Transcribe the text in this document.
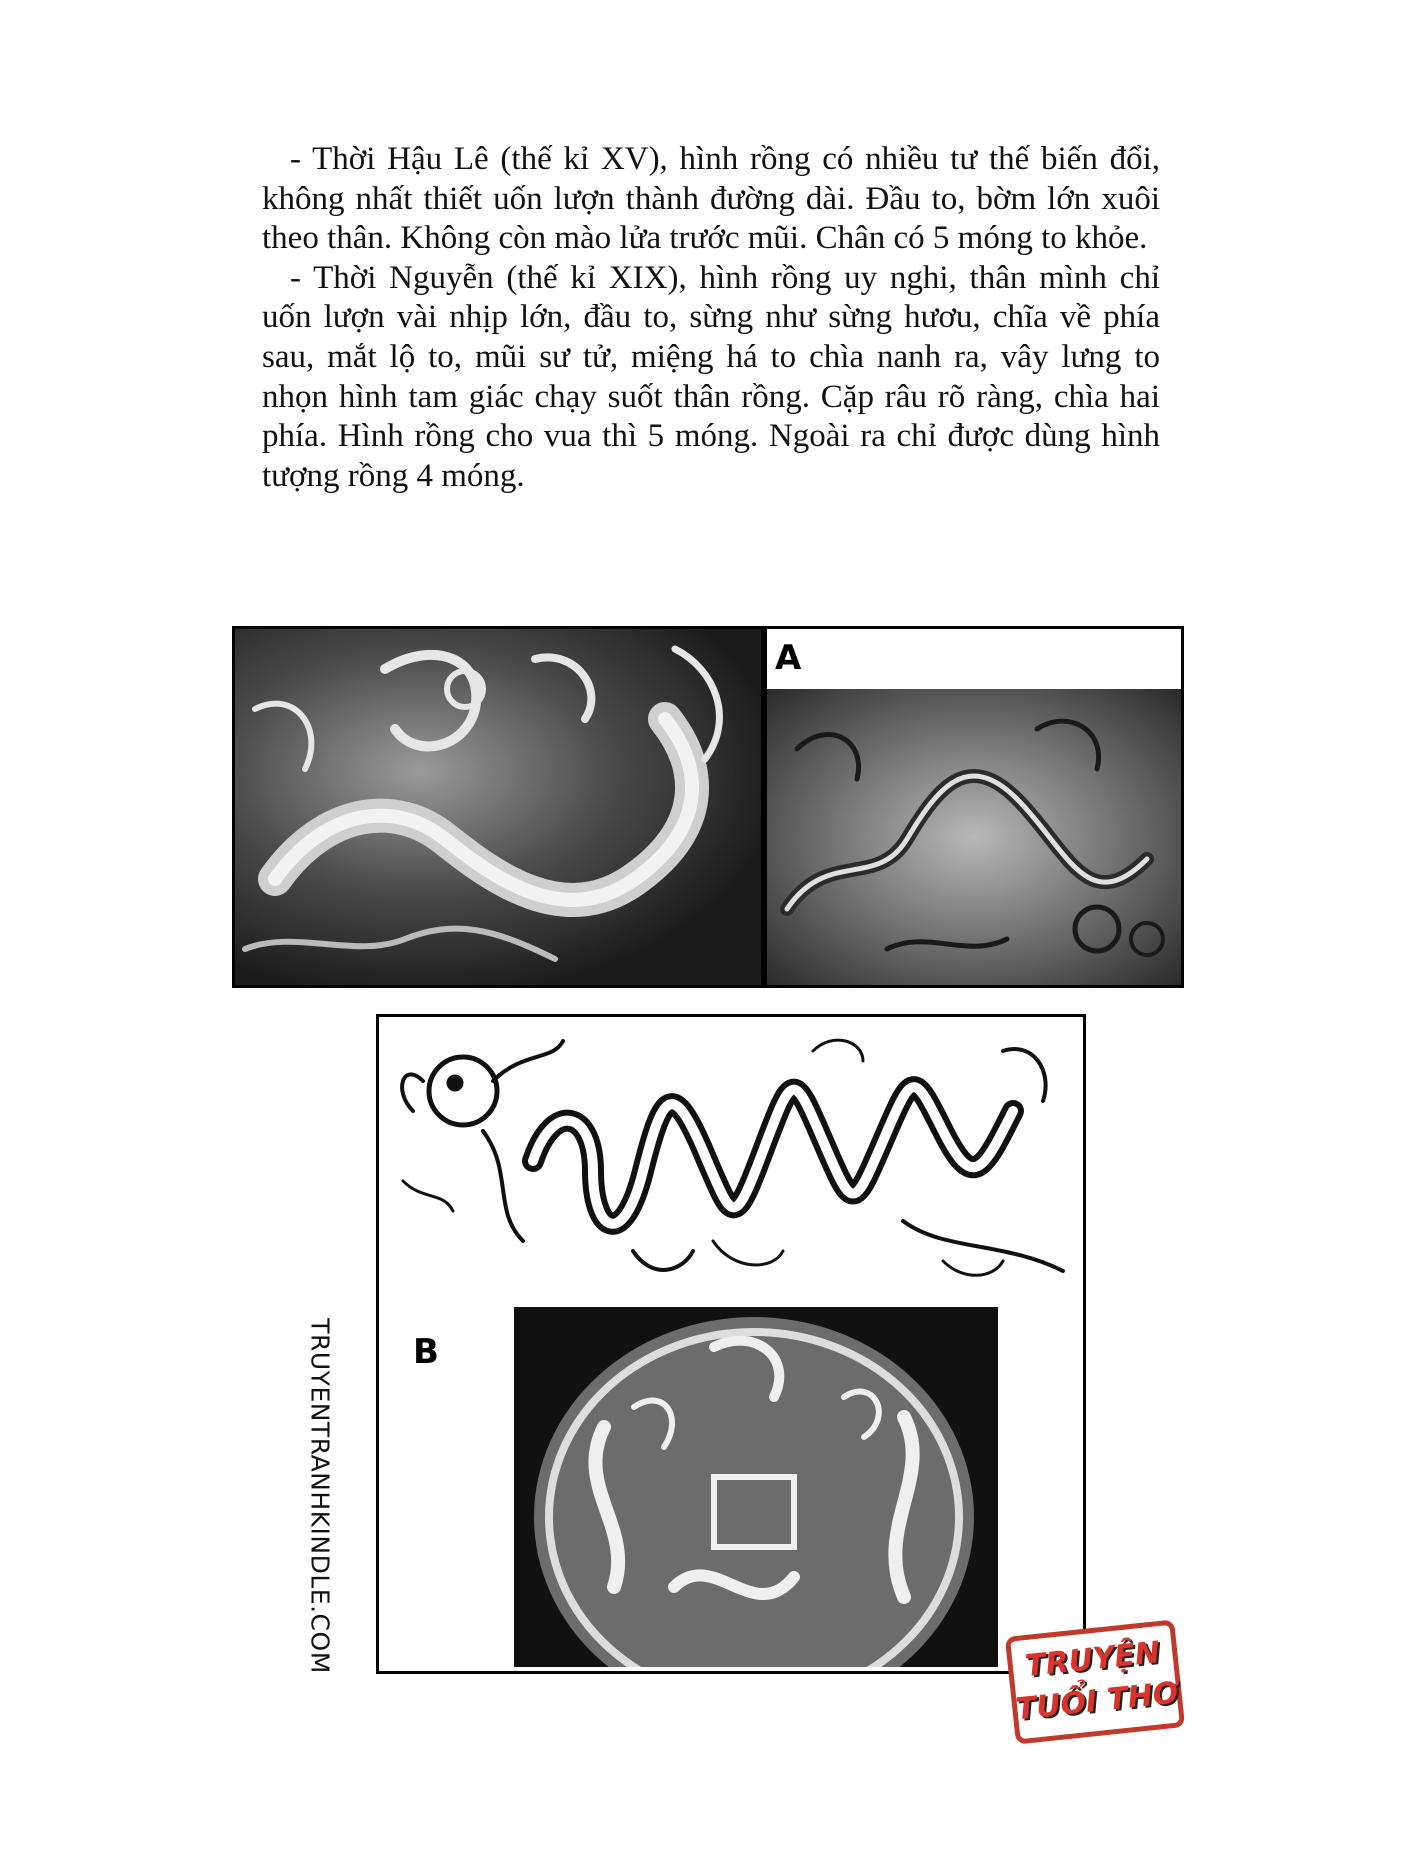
- Thời Hậu Lê (thế kỉ XV), hình rồng có nhiều tư thế biến đổi, không nhất thiết uốn lượn thành đường dài. Đầu to, bờm lớn xuôi theo thân. Không còn mào lửa trước mũi. Chân có 5 móng to khỏe.

- Thời Nguyễn (thế kỉ XIX), hình rồng uy nghi, thân mình chỉ uốn lượn vài nhịp lớn, đầu to, sừng như sừng hươu, chĩa về phía sau, mắt lộ to, mũi sư tử, miệng há to chìa nanh ra, vây lưng to nhọn hình tam giác chạy suốt thân rồng. Cặp râu rõ ràng, chìa hai phía. Hình rồng cho vua thì 5 móng. Ngoài ra chỉ được dùng hình tượng rồng 4 móng.

A
B
TRUYENTRANHKINDLE.COM	TRUYỆN
TUỔI THƠ
